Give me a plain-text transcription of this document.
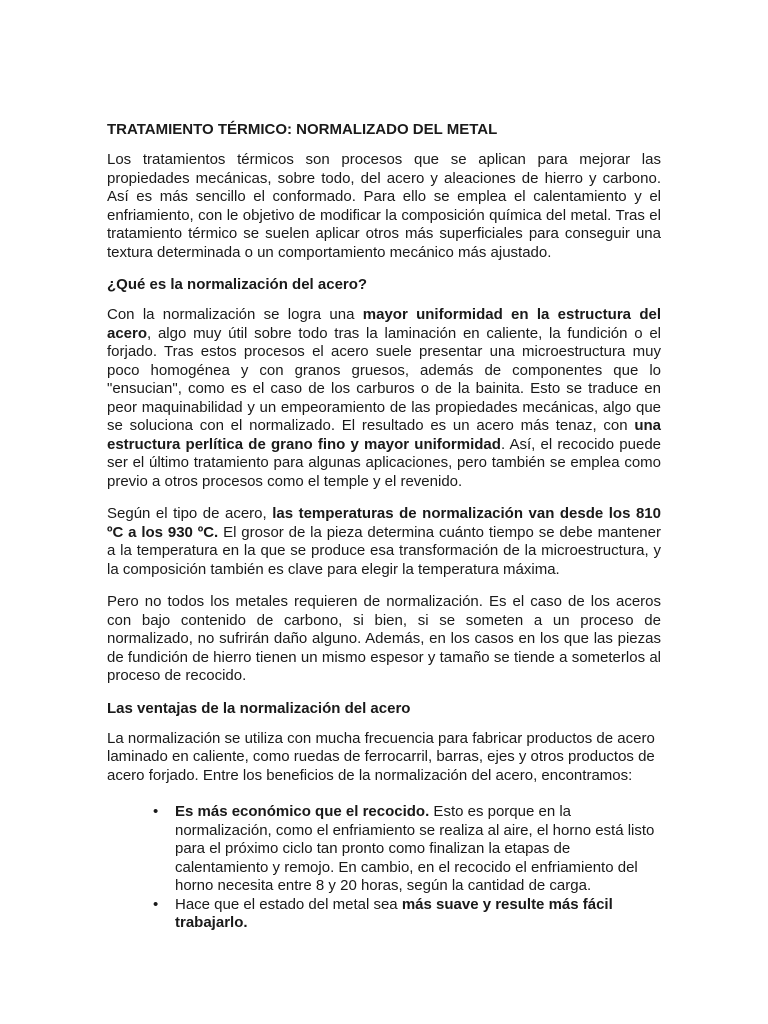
TRATAMIENTO TÉRMICO: NORMALIZADO DEL METAL

Los tratamientos térmicos son procesos que se aplican para mejorar las propiedades mecánicas, sobre todo, del acero y aleaciones de hierro y carbono. Así es más sencillo el conformado. Para ello se emplea el calentamiento y el enfriamiento, con le objetivo de modificar la composición química del metal. Tras el tratamiento térmico se suelen aplicar otros más superficiales para conseguir una textura determinada o un comportamiento mecánico más ajustado.

¿Qué es la normalización del acero?

Con la normalización se logra una mayor uniformidad en la estructura del acero, algo muy útil sobre todo tras la laminación en caliente, la fundición o el forjado. Tras estos procesos el acero suele presentar una microestructura muy poco homogénea y con granos gruesos, además de componentes que lo "ensucian", como es el caso de los carburos o de la bainita. Esto se traduce en peor maquinabilidad y un empeoramiento de las propiedades mecánicas, algo que se soluciona con el normalizado. El resultado es un acero más tenaz, con una estructura perlítica de grano fino y mayor uniformidad. Así, el recocido puede ser el último tratamiento para algunas aplicaciones, pero también se emplea como previo a otros procesos como el temple y el revenido.

Según el tipo de acero, las temperaturas de normalización van desde los 810 ºC a los 930 ºC. El grosor de la pieza determina cuánto tiempo se debe mantener a la temperatura en la que se produce esa transformación de la microestructura, y la composición también es clave para elegir la temperatura máxima.

Pero no todos los metales requieren de normalización. Es el caso de los aceros con bajo contenido de carbono, si bien, si se someten a un proceso de normalizado, no sufrirán daño alguno. Además, en los casos en los que las piezas de fundición de hierro tienen un mismo espesor y tamaño se tiende a someterlos al proceso de recocido.

Las ventajas de la normalización del acero

La normalización se utiliza con mucha frecuencia para fabricar productos de acero laminado en caliente, como ruedas de ferrocarril, barras, ejes y otros productos de acero forjado. Entre los beneficios de la normalización del acero, encontramos:

• Es más económico que el recocido. Esto es porque en la normalización, como el enfriamiento se realiza al aire, el horno está listo para el próximo ciclo tan pronto como finalizan la etapas de calentamiento y remojo. En cambio, en el recocido el enfriamiento del horno necesita entre 8 y 20 horas, según la cantidad de carga.
• Hace que el estado del metal sea más suave y resulte más fácil trabajarlo.
